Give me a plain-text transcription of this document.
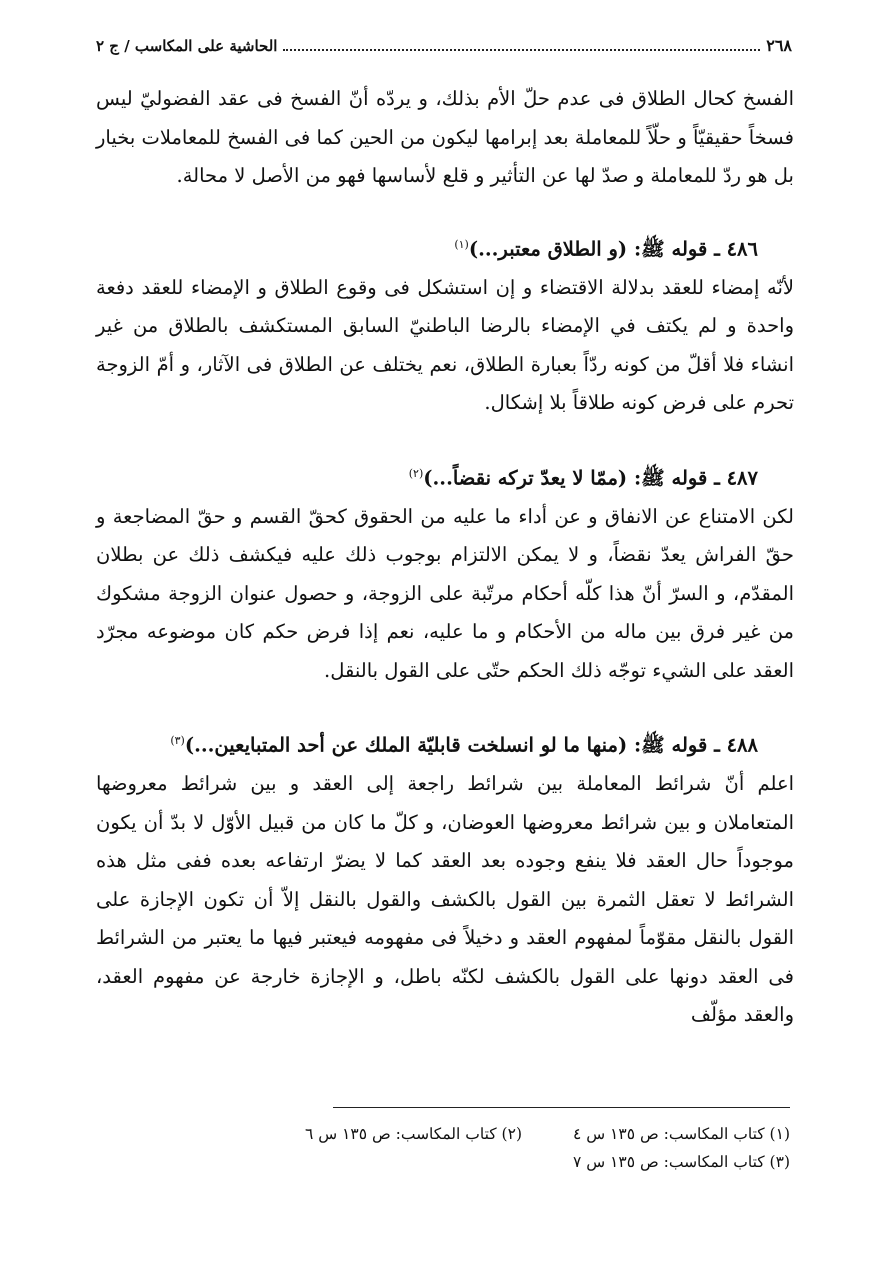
٢٦٨
الحاشية على المكاسب / ج ٢

الفسخ كحال الطلاق فى عدم حلّ الأم بذلك، و يردّه أنّ الفسخ فى عقد الفضوليّ ليس فسخاً حقيقيّاً و حلّاً للمعاملة بعد إبرامها ليكون من الحين كما فى الفسخ للمعاملات بخيار بل هو ردّ للمعاملة و صدّ لها عن التأثير و قلع لأساسها فهو من الأصل لا محالة.

٤٨٦ ـ قوله ﷺ: (و الطلاق معتبر...)$^{(١)}$

لأنّه إمضاء للعقد بدلالة الاقتضاء و إن استشكل فى وقوع الطلاق و الإمضاء للعقد دفعة واحدة و لم يكتف في الإمضاء بالرضا الباطنيّ السابق المستكشف بالطلاق من غير انشاء فلا أقلّ من كونه ردّاً بعبارة الطلاق، نعم يختلف عن الطلاق فى الآثار، و أمّ الزوجة تحرم على فرض كونه طلاقاً بلا إشكال.

٤٨٧ ـ قوله ﷺ: (ممّا لا يعدّ تركه نقضاً...)$^{(٢)}$

لكن الامتناع عن الانفاق و عن أداء ما عليه من الحقوق كحقّ القسم و حقّ المضاجعة و حقّ الفراش يعدّ نقضاً، و لا يمكن الالتزام بوجوب ذلك عليه فيكشف ذلك عن بطلان المقدّم، و السرّ أنّ هذا كلّه أحكام مرتّبة على الزوجة، و حصول عنوان الزوجة مشكوك من غير فرق بين ماله من الأحكام و ما عليه، نعم إذا فرض حكم كان موضوعه مجرّد العقد على الشيء توجّه ذلك الحكم حتّى على القول بالنقل.

٤٨٨ ـ قوله ﷺ: (منها ما لو انسلخت قابليّة الملك عن أحد المتبايعين...)$^{(٣)}$

اعلم أنّ شرائط المعاملة بين شرائط راجعة إلى العقد و بين شرائط معروضها المتعاملان و بين شرائط معروضها العوضان، و كلّ ما كان من قبيل الأوّل لا بدّ أن يكون موجوداً حال العقد فلا ينفع وجوده بعد العقد كما لا يضرّ ارتفاعه بعده ففى مثل هذه الشرائط لا تعقل الثمرة بين القول بالكشف والقول بالنقل إلاّ أن تكون الإجازة على القول بالنقل مقوّماً لمفهوم العقد و دخيلاً فى مفهومه فيعتبر فيها ما يعتبر من الشرائط فى العقد دونها على القول بالكشف لكنّه باطل، و الإجازة خارجة عن مفهوم العقد، والعقد مؤلّف

(١) كتاب المكاسب: ص ١٣٥ س ٤
(٢) كتاب المكاسب: ص ١٣٥ س ٦
(٣) كتاب المكاسب: ص ١٣٥ س ٧
